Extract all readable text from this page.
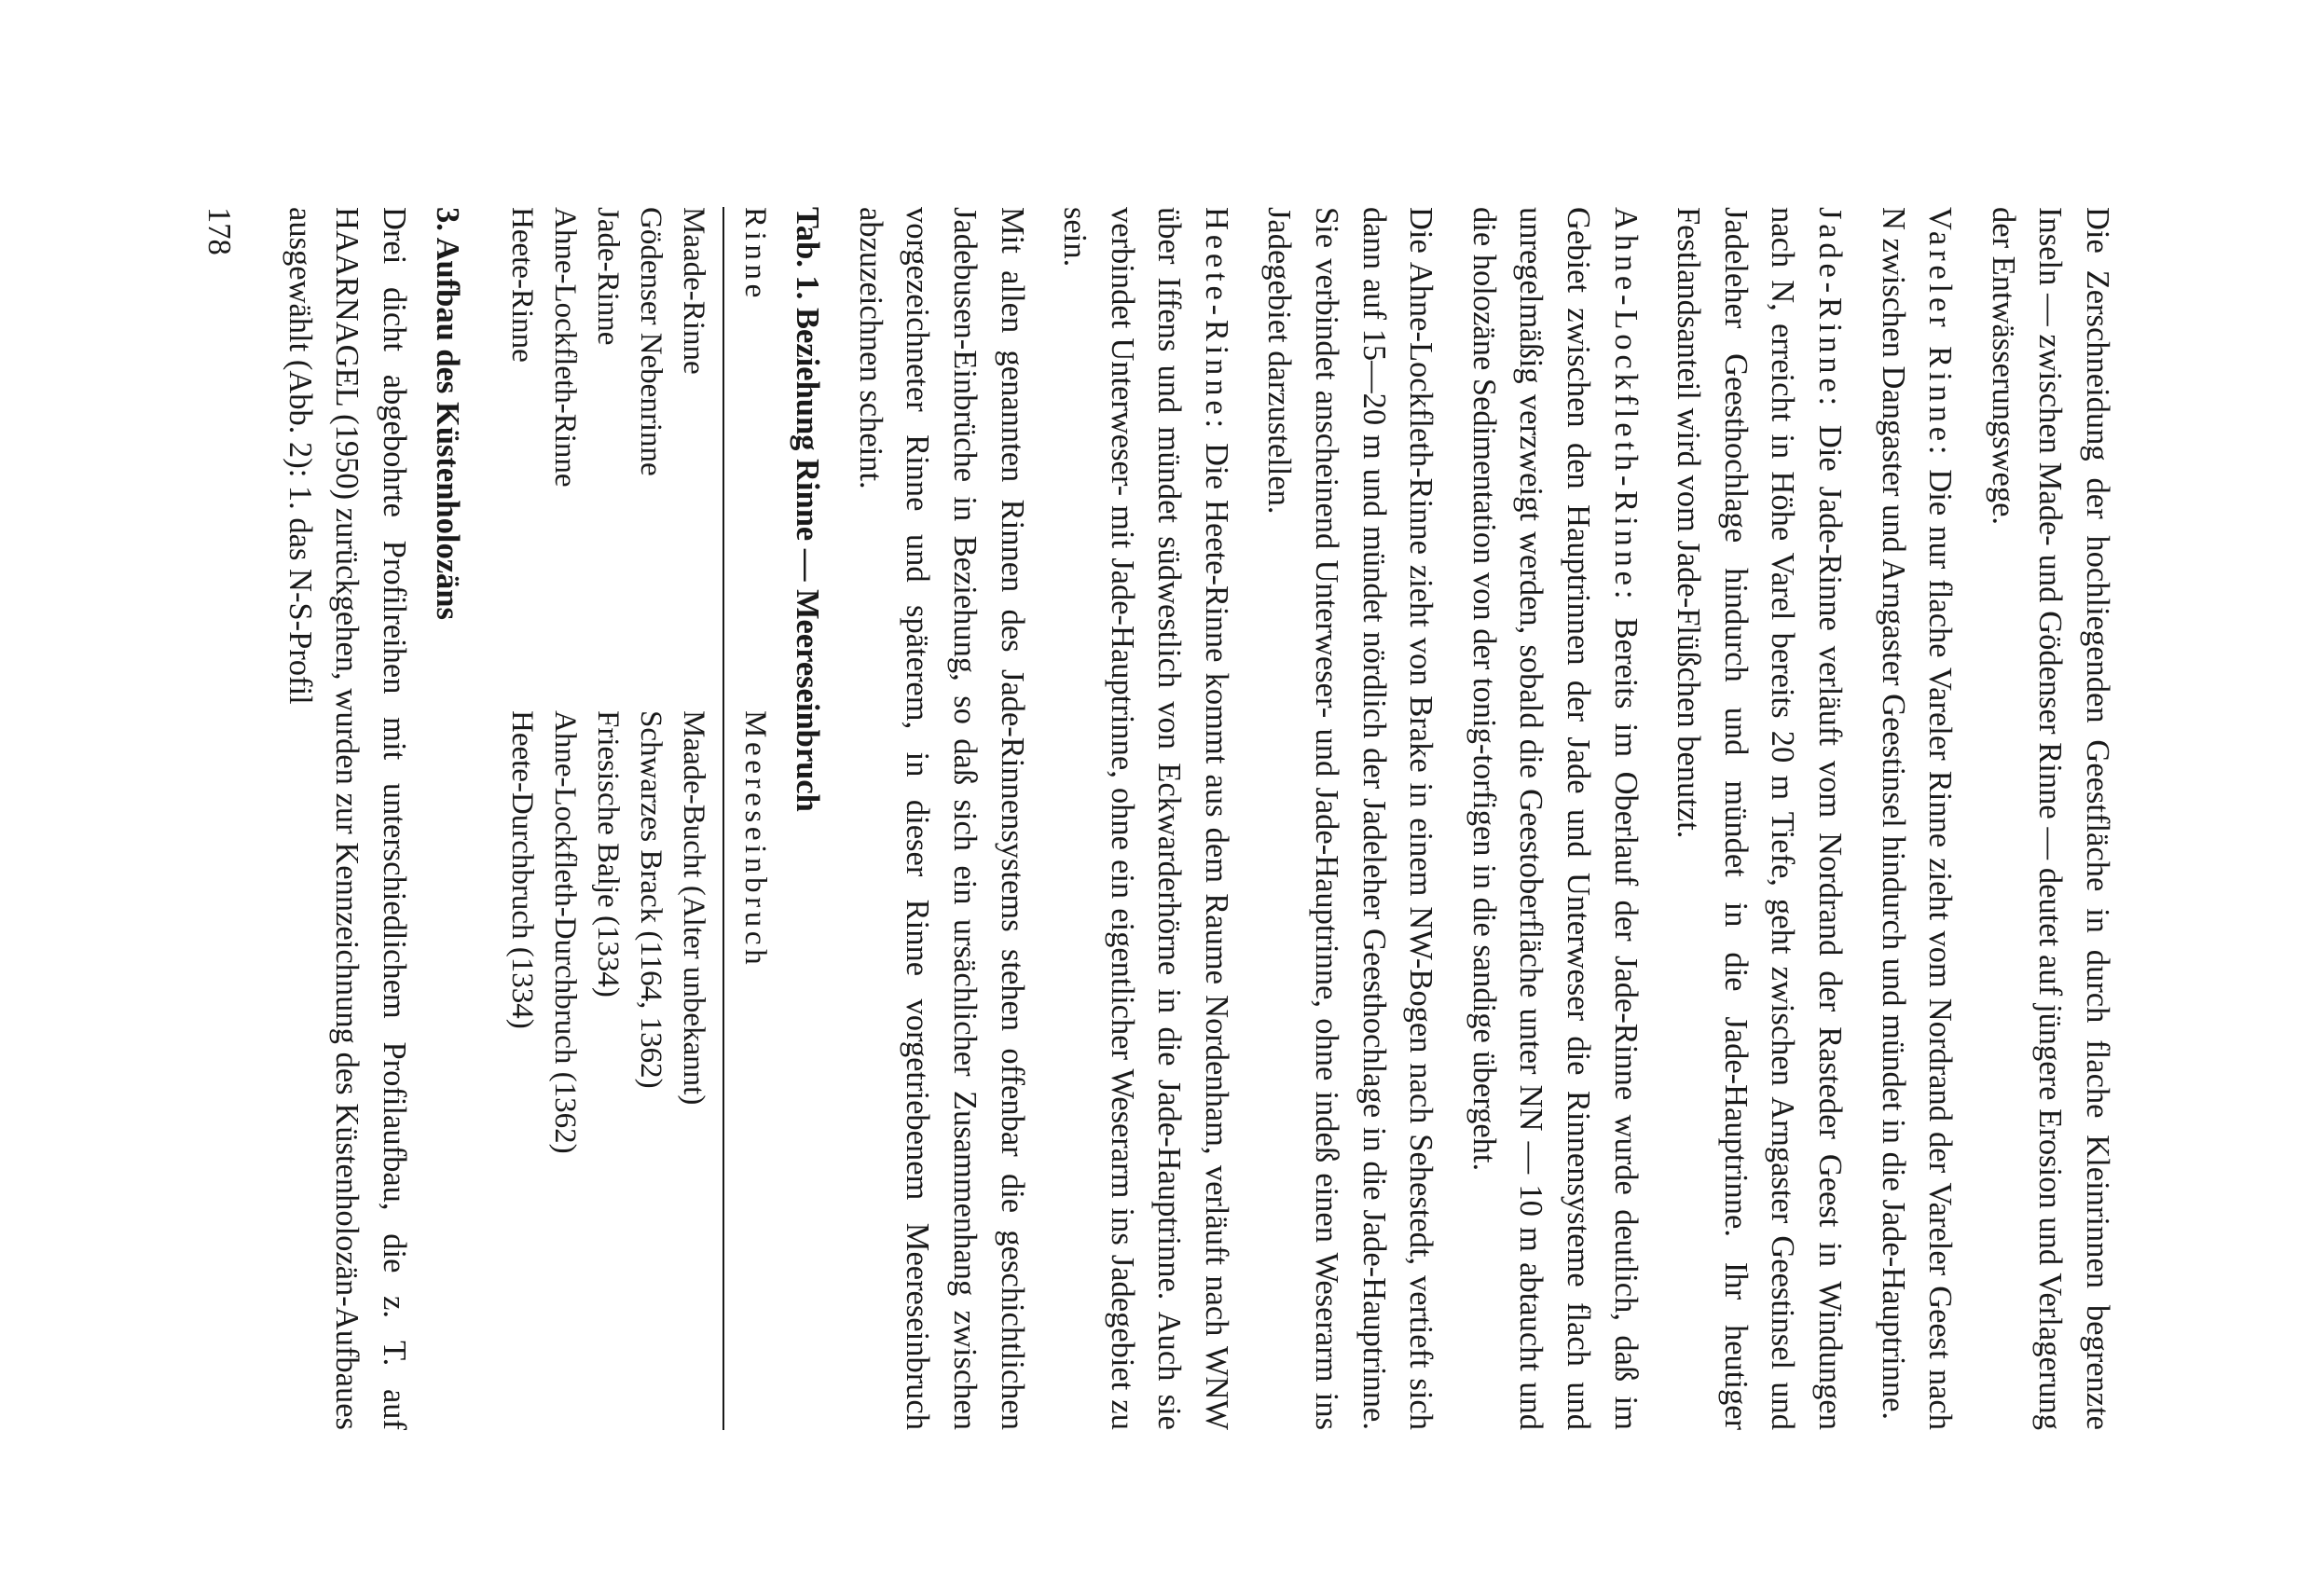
Die Zerschneidung der hochliegenden Geestfläche in durch flache Kleinrinnen begrenzte Inseln — zwischen Made- und Gödenser Rinne — deutet auf jüngere Erosion und Verlagerung der Entwässerungswege.

Vareler Rinne: Die nur flache Vareler Rinne zieht vom Nordrand der Vareler Geest nach N zwischen Dangaster und Arngaster Geestinsel hindurch und mündet in die Jade-Hauptrinne.

Jade-Rinne: Die Jade-Rinne verläuft vom Nordrand der Rasteder Geest in Windungen nach N, erreicht in Höhe Varel bereits 20 m Tiefe, geht zwischen Arngaster Geestinsel und Jadeleher Geesthochlage hindurch und mündet in die Jade-Hauptrinne. Ihr heutiger Festlandsanteil wird vom Jade-Flüßchen benutzt.

Ahne-Lockfleth-Rinne: Bereits im Oberlauf der Jade-Rinne wurde deutlich, daß im Gebiet zwischen den Hauptrinnen der Jade und Unterweser die Rinnensysteme flach und unregelmäßig verzweigt werden, sobald die Geestoberfläche unter NN — 10 m abtaucht und die holozäne Sedimentation von der tonig-torfigen in die sandige übergeht.

Die Ahne-Lockfleth-Rinne zieht von Brake in einem NW-Bogen nach Sehestedt, vertieft sich dann auf 15—20 m und mündet nördlich der Jadeleher Geesthochlage in die Jade-Hauptrinne. Sie verbindet anscheinend Unterweser- und Jade-Hauptrinne, ohne indeß einen Weserarm ins Jadegebiet darzustellen.

Heete-Rinne: Die Heete-Rinne kommt aus dem Raume Nordenham, verläuft nach WNW über Iffens und mündet südwestlich von Eckwarderhörne in die Jade-Hauptrinne. Auch sie verbindet Unterweser- mit Jade-Hauptrinne, ohne ein eigentlicher Weserarm ins Jadegebiet zu sein.

Mit allen genannten Rinnen des Jade-Rinnensystems stehen offenbar die geschichtlichen Jadebusen-Einbrüche in Beziehung, so daß sich ein ursächlicher Zusammenhang zwischen vorgezeichneter Rinne und späterem, in dieser Rinne vorgetriebenem Meereseinbruch abzuzeichnen scheint.

Tab. 1. Beziehung Rinne — Meereseinbruch
Rinne	Meereseinbruch
Maade-Rinne	Maade-Bucht (Alter unbekannt)
Gödenser Nebenrinne	Schwarzes Brack (1164, 1362)
Jade-Rinne	Friesische Balje (1334)
Ahne-Lockfleth-Rinne	Ahne-Lockfleth-Durchbruch (1362)
Heete-Rinne	Heete-Durchbruch (1334)
3. Aufbau des Küstenholozäns

Drei dicht abgebohrte Profilreihen mit unterschiedlichem Profilaufbau, die z. T. auf HAARNAGEL (1950) zurückgehen, wurden zur Kennzeichnung des Küstenholozän-Aufbaues ausgewählt (Abb. 2): 1. das N-S-Profil

178
